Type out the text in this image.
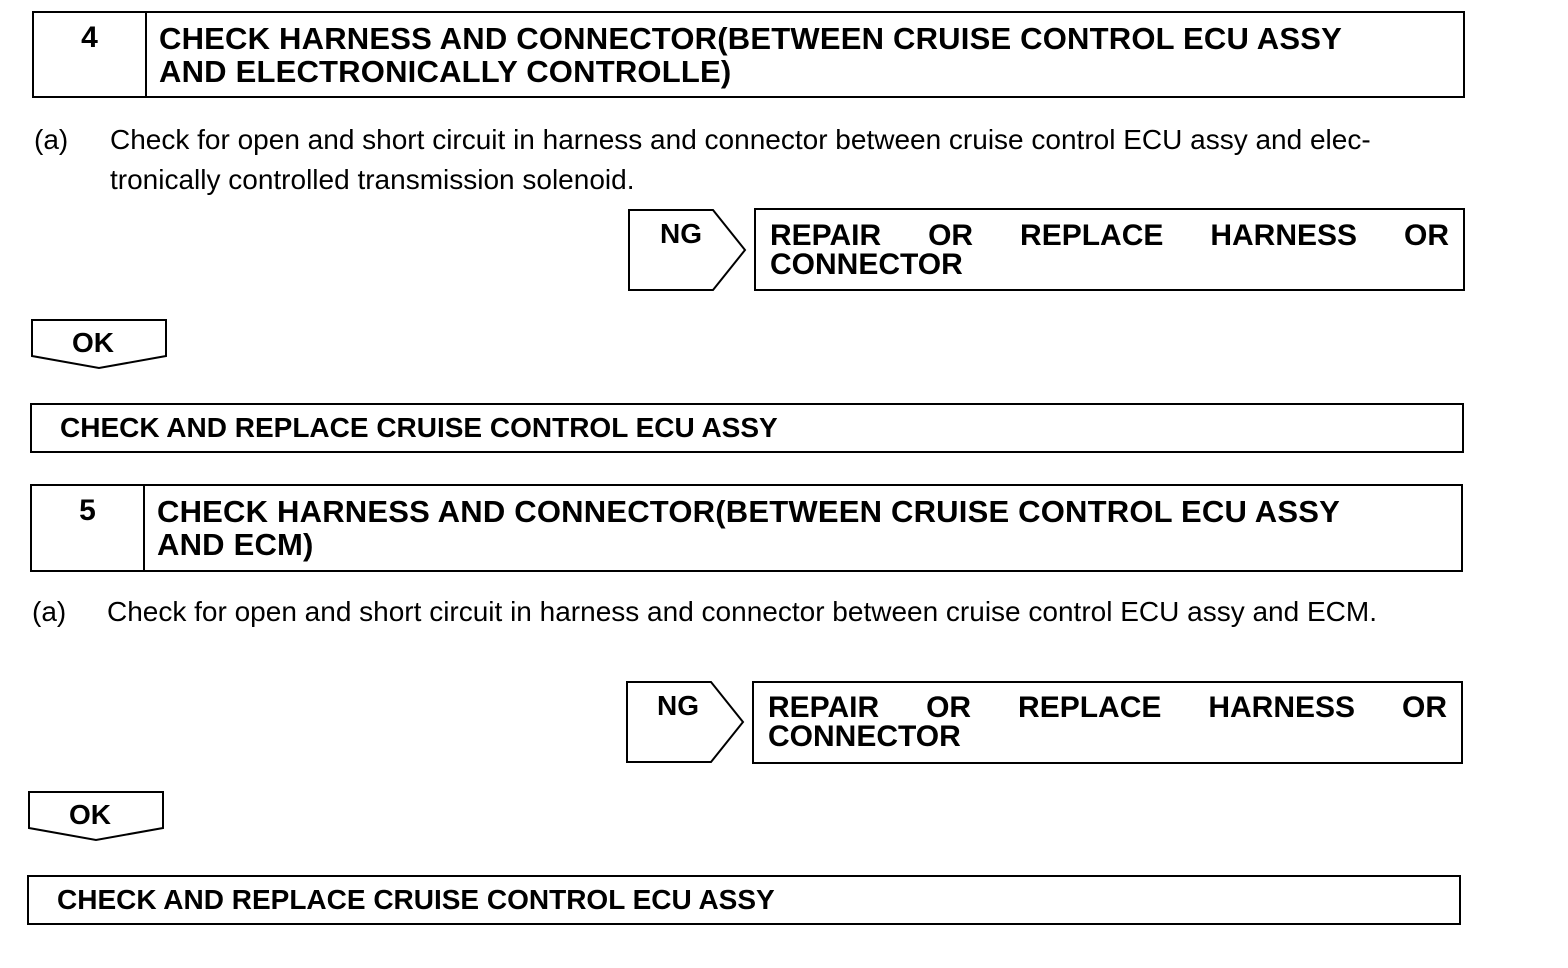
4	CHECK HARNESS AND CONNECTOR(BETWEEN CRUISE CONTROL ECU ASSY
AND ELECTRONICALLY CONTROLLE)
(a) Check for open and short circuit in harness and connector between cruise control ECU assy and elec-
tronically controlled transmission solenoid.
NG REPAIR OR REPLACE HARNESS OR
CONNECTOR
OK
CHECK AND REPLACE CRUISE CONTROL ECU ASSY
5	CHECK HARNESS AND CONNECTOR(BETWEEN CRUISE CONTROL ECU ASSY
AND ECM)
(a) Check for open and short circuit in harness and connector between cruise control ECU assy and ECM.
NG REPAIR OR REPLACE HARNESS OR
CONNECTOR
OK
CHECK AND REPLACE CRUISE CONTROL ECU ASSY
